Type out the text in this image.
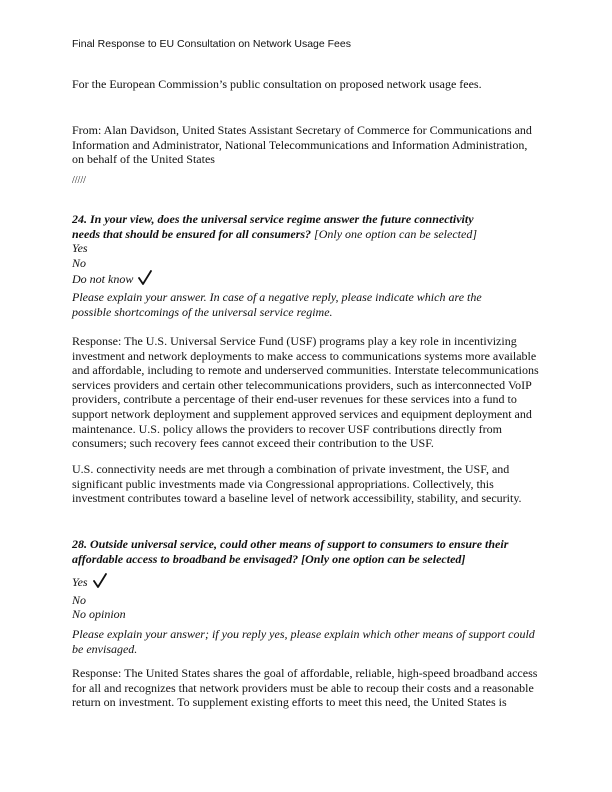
Final Response to EU Consultation on Network Usage Fees
For the European Commission’s public consultation on proposed network usage fees.
From: Alan Davidson, United States Assistant Secretary of Commerce for Communications and
Information and Administrator, National Telecommunications and Information Administration,
on behalf of the United States
/////
24. In your view, does the universal service regime answer the future connectivity
needs that should be ensured for all consumers? [Only one option can be selected]
Yes
No
Do not know
Please explain your answer. In case of a negative reply, please indicate which are the
possible shortcomings of the universal service regime.
Response: The U.S. Universal Service Fund (USF) programs play a key role in incentivizing
investment and network deployments to make access to communications systems more available
and affordable, including to remote and underserved communities. Interstate telecommunications
services providers and certain other telecommunications providers, such as interconnected VoIP
providers, contribute a percentage of their end-user revenues for these services into a fund to
support network deployment and supplement approved services and equipment deployment and
maintenance. U.S. policy allows the providers to recover USF contributions directly from
consumers; such recovery fees cannot exceed their contribution to the USF.
U.S. connectivity needs are met through a combination of private investment, the USF, and
significant public investments made via Congressional appropriations. Collectively, this
investment contributes toward a baseline level of network accessibility, stability, and security.
28. Outside universal service, could other means of support to consumers to ensure their
affordable access to broadband be envisaged? [Only one option can be selected]
Yes
No
No opinion
Please explain your answer; if you reply yes, please explain which other means of support could
be envisaged.
Response: The United States shares the goal of affordable, reliable, high-speed broadband access
for all and recognizes that network providers must be able to recoup their costs and a reasonable
return on investment. To supplement existing efforts to meet this need, the United States is
